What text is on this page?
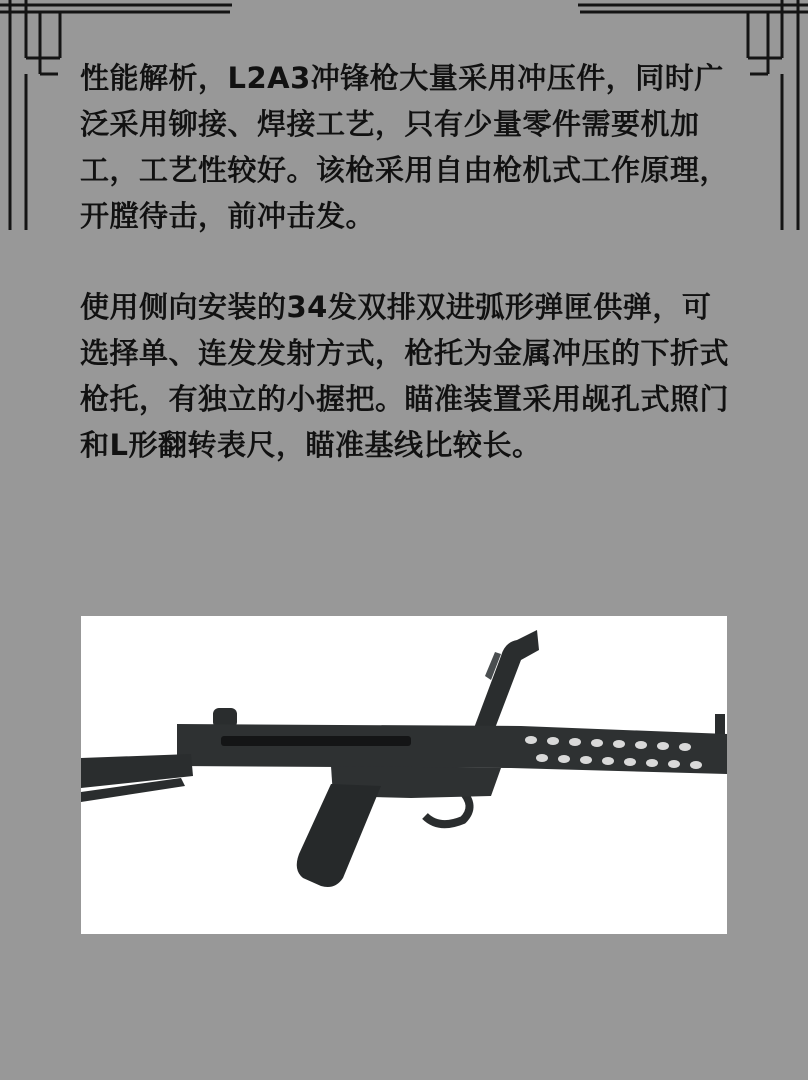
性能解析，L2A3冲锋枪大量采用冲压件，同时广泛采用铆接、焊接工艺，只有少量零件需要机加工，工艺性较好。该枪采用自由枪机式工作原理，开膛待击，前冲击发。
使用侧向安装的34发双排双进弧形弹匣供弹，可选择单、连发发射方式，枪托为金属冲压的下折式枪托，有独立的小握把。瞄准装置采用觇孔式照门和L形翻转表尺，瞄准基线比较长。
